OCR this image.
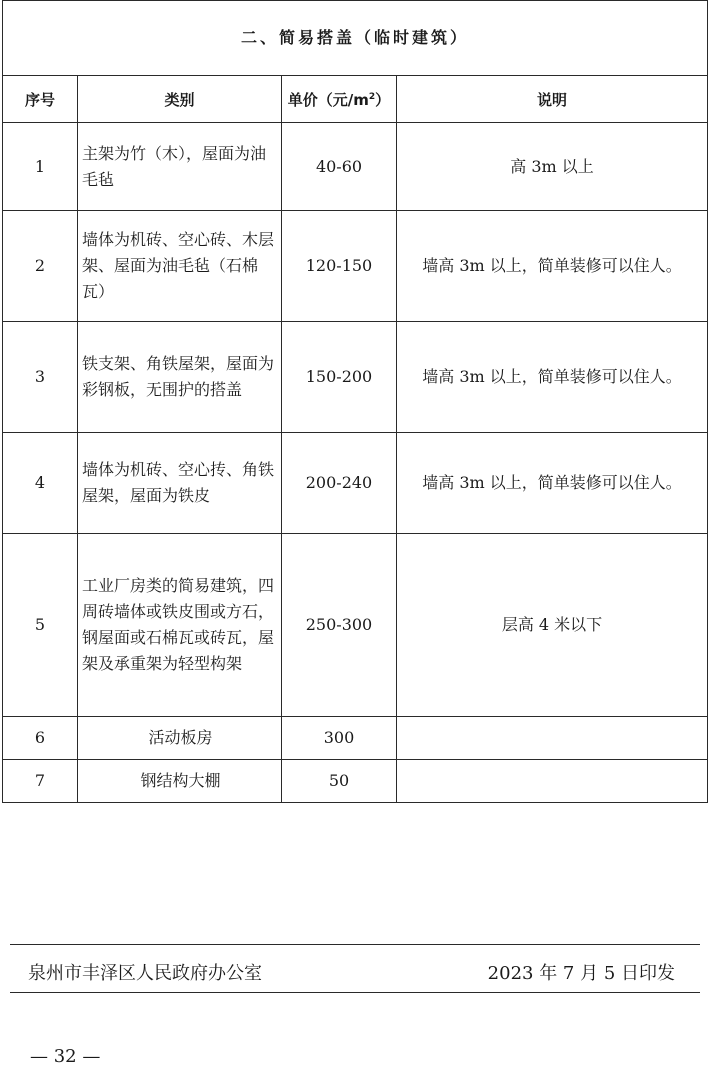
二、简易搭盖（临时建筑）			
序号	类别	单价（元$/m^2$）	说明
1	主架为竹（木），屋面为油毛毡	40-60	高 3m 以上
2	墙体为机砖、空心砖、木层架、屋面为油毛毡（石棉瓦）	120-150	墙高 3m 以上，简单装修可以住人。
3	铁支架、角铁屋架，屋面为彩钢板，无围护的搭盖	150-200	墙高 3m 以上，简单装修可以住人。
4	墙体为机砖、空心抟、角铁屋架，屋面为铁皮	200-240	墙高 3m 以上，简单装修可以住人。
5	工业厂房类的简易建筑，四周砖墙体或铁皮围或方石，钢屋面或石棉瓦或砖瓦，屋架及承重架为轻型构架	250-300	层高 4 米以下
6	活动板房	300	
7	钢结构大棚	50	
泉州市丰泽区人民政府办公室	2023 年 7 月 5 日印发
— 32 —
